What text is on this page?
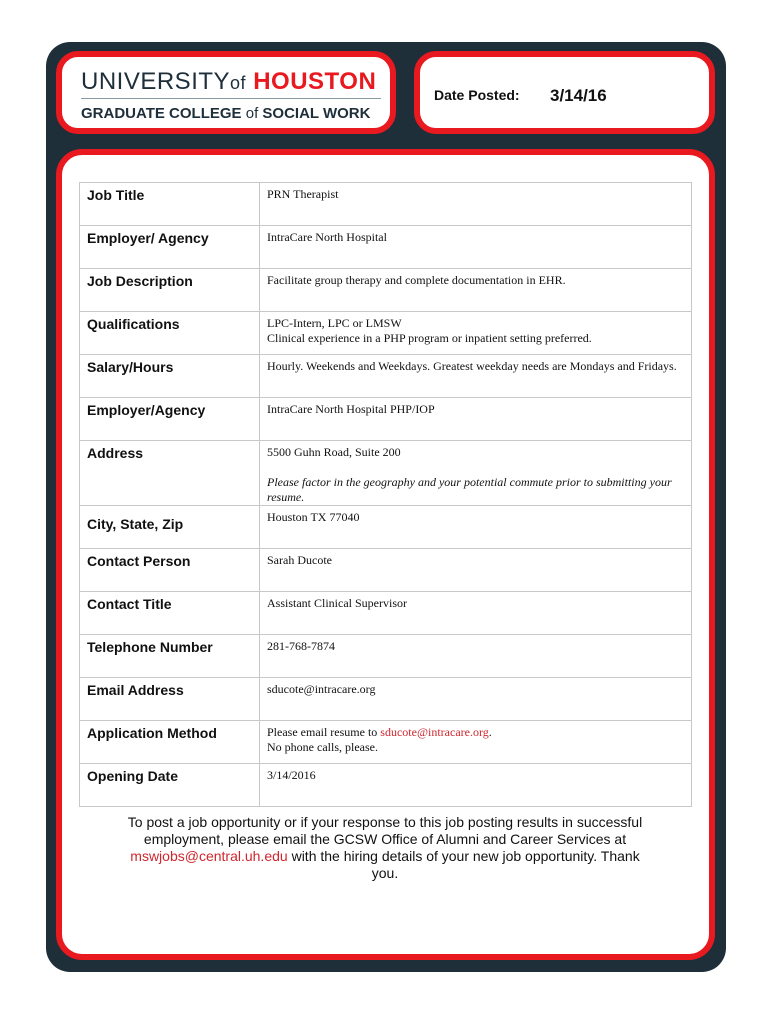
UNIVERSITYof HOUSTON
GRADUATE COLLEGE of SOCIAL WORK
Date Posted: 3/14/16
Job Title	PRN Therapist
Employer/ Agency	IntraCare North Hospital
Job Description	Facilitate group therapy and complete documentation in EHR.
Qualifications	LPC-Intern, LPC or LMSW
Clinical experience in a PHP program or inpatient setting preferred.

Salary/Hours	Hourly. Weekends and Weekdays. Greatest weekday needs are Mondays and Fridays.
Employer/Agency	IntraCare North Hospital PHP/IOP
Address	5500 Guhn Road, Suite 200
Please factor in the geography and your potential commute prior to submitting your resume.

City, State, Zip	Houston TX 77040
Contact Person	Sarah Ducote
Contact Title	Assistant Clinical Supervisor
Telephone Number	281-768-7874
Email Address	sducote@intracare.org
Application Method	Please email resume to sducote@intracare.org.
No phone calls, please.

Opening Date	3/14/2016
To post a job opportunity or if your response to this job posting results in successful employment, please email the GCSW Office of Alumni and Career Services at mswjobs@central.uh.edu with the hiring details of your new job opportunity. Thank you.
